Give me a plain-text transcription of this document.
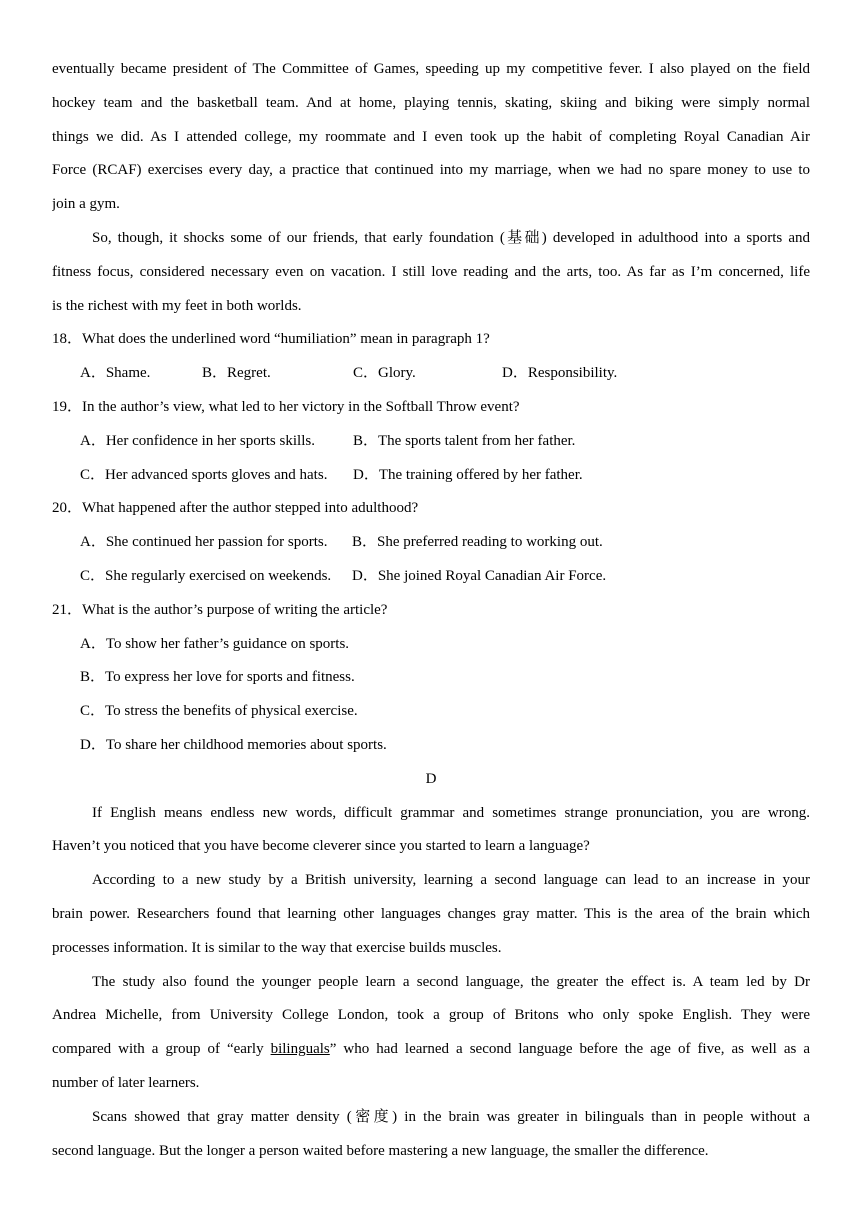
eventually became president of The Committee of Games, speeding up my competitive fever. I also played on the field
hockey team and the basketball team. And at home, playing tennis, skating, skiing and biking were simply normal
things we did. As I attended college, my roommate and I even took up the habit of completing Royal Canadian Air
Force (RCAF) exercises every day, a practice that continued into my marriage, when we had no spare money to use to
join a gym.
So, though, it shocks some of our friends, that early foundation (基础) developed in adulthood into a sports and
fitness focus, considered necessary even on vacation. I still love reading and the arts, too. As far as I’m concerned, life
is the richest with my feet in both worlds.
18．What does the underlined word “humiliation” mean in paragraph 1?
A．Shame.	B．Regret.	C．Glory.	D．Responsibility.
19．In the author’s view, what led to her victory in the Softball Throw event?
A．Her confidence in her sports skills.	B．The sports talent from her father.
C．Her advanced sports gloves and hats. D．The training offered by her father.
20．What happened after the author stepped into adulthood?
A．She continued her passion for sports. B．She preferred reading to working out.
C．She regularly exercised on weekends. D．She joined Royal Canadian Air Force.
21．What is the author’s purpose of writing the article?
A．To show her father’s guidance on sports.
B．To express her love for sports and fitness.
C．To stress the benefits of physical exercise.
D．To share her childhood memories about sports.
D
If English means endless new words, difficult grammar and sometimes strange pronunciation, you are wrong.
Haven’t you noticed that you have become cleverer since you started to learn a language?
According to a new study by a British university, learning a second language can lead to an increase in your
brain power. Researchers found that learning other languages changes gray matter. This is the area of the brain which
processes information. It is similar to the way that exercise builds muscles.
The study also found the younger people learn a second language, the greater the effect is. A team led by Dr
Andrea Michelle, from University College London, took a group of Britons who only spoke English. They were
compared with a group of “early bilinguals” who had learned a second language before the age of five, as well as a
number of later learners.
Scans showed that gray matter density (密度) in the brain was greater in bilinguals than in people without a
second language. But the longer a person waited before mastering a new language, the smaller the difference.
